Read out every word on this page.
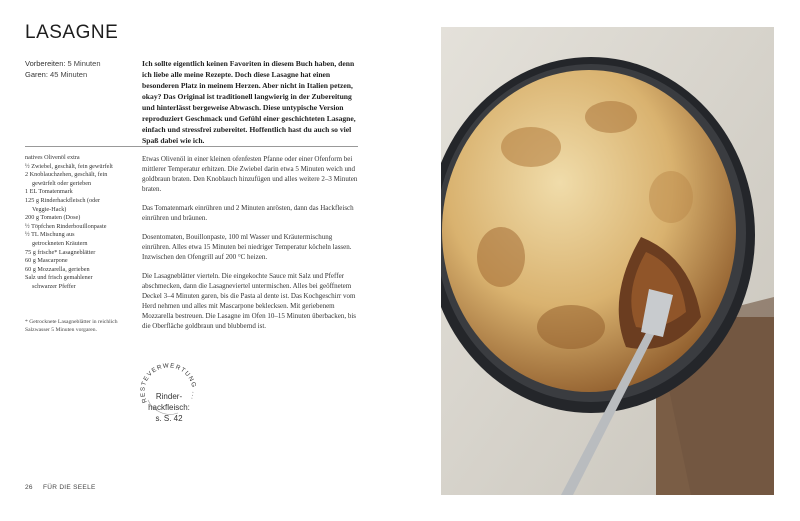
LASAGNE
Vorbereiten: 5 Minuten
Garen: 45 Minuten
Ich sollte eigentlich keinen Favoriten in diesem Buch haben, denn ich liebe alle meine Rezepte. Doch diese Lasagne hat einen besonderen Platz in meinem Herzen. Aber nicht in Italien petzen, okay? Das Original ist traditionell langwierig in der Zubereitung und hinterlässt bergeweise Abwasch. Diese untypische Version reproduziert Geschmack und Gefühl einer geschichteten Lasagne, einfach und stressfrei zubereitet. Hoffentlich hast du auch so viel Spaß dabei wie ich.
natives Olivenöl extra
½ Zwiebel, geschält, fein gewürfelt
2 Knoblauchzehen, geschält, fein
gewürfelt oder gerieben
1 EL Tomatenmark
125 g Rinderhackfleisch (oder
Veggie-Hack)
200 g Tomaten (Dose)
½ Töpfchen Rinderbouillonpaste
½ TL Mischung aus
getrockneten Kräutern
75 g frische* Lasagneblätter
60 g Mascarpone
60 g Mozzarella, gerieben
Salz und frisch gemahlener
schwarzer Pfeffer
* Getrocknete Lasagneblätter in reichlich Salzwasser 5 Minuten vorgaren.

Etwas Olivenöl in einer kleinen ofenfesten Pfanne oder einer Ofenform bei mittlerer Temperatur erhitzen. Die Zwiebel darin etwa 5 Minuten weich und goldbraun braten. Den Knoblauch hinzufügen und alles weitere 2–3 Minuten braten.

Das Tomatenmark einrühren und 2 Minuten anrösten, dann das Hackfleisch einrühren und bräunen.

Dosentomaten, Bouillonpaste, 100 ml Wasser und Kräutermischung einrühren. Alles etwa 15 Minuten bei niedriger Temperatur köcheln lassen. Inzwischen den Ofengrill auf 200 °C heizen.

Die Lasagneblätter vierteln. Die eingekochte Sauce mit Salz und Pfeffer abschmecken, dann die Lasagneviertel untermischen. Alles bei geöffnetem Deckel 3–4 Minuten garen, bis die Pasta al dente ist. Das Kochgeschirr vom Herd nehmen und alles mit Mascarpone beklecksen. Mit geriebenem Mozzarella bestreuen. Die Lasagne im Ofen 10–15 Minuten überbacken, bis die Oberfläche goldbraun und blubbernd ist.

RESTEVERWERTUNG ...
Rinder-
hackfleisch:
s. S. 42
26 FÜR DIE SEELE
